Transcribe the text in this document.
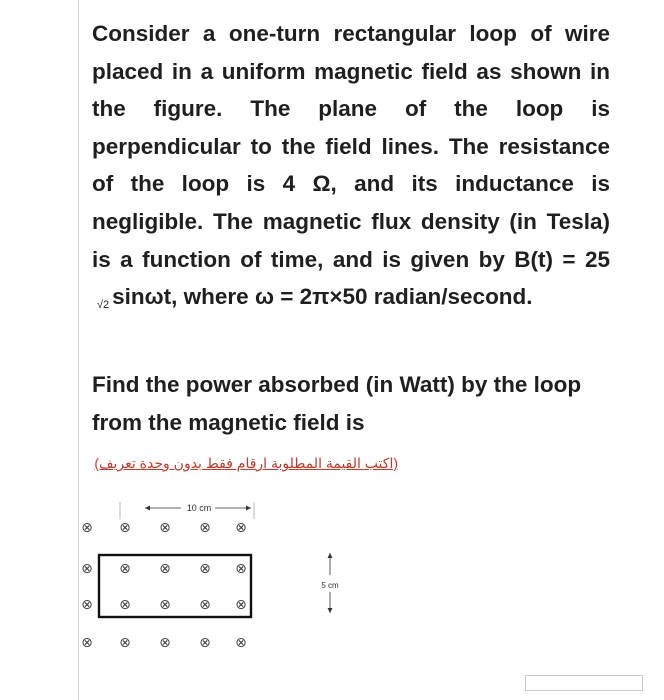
Consider a one-turn rectangular loop of wire placed in a uniform magnetic field as shown in the figure. The plane of the loop is perpendicular to the field lines. The resistance of the loop is 4 Ω, and its inductance is negligible. The magnetic flux density (in Tesla) is a function of time, and is given by B(t) = 25 √2 sinωt, where ω = 2π×50 radian/second.

Find the power absorbed (in Watt) by the loop from the magnetic field is

(اكتب القيمة المطلوبة ارقام فقط بدون وحدة تعريف)

10 cm
5 cm
⊗ ⊗ ⊗ ⊗ ⊗
⊗ ⊗ ⊗ ⊗ ⊗
⊗ ⊗ ⊗ ⊗ ⊗
⊗ ⊗ ⊗ ⊗ ⊗
